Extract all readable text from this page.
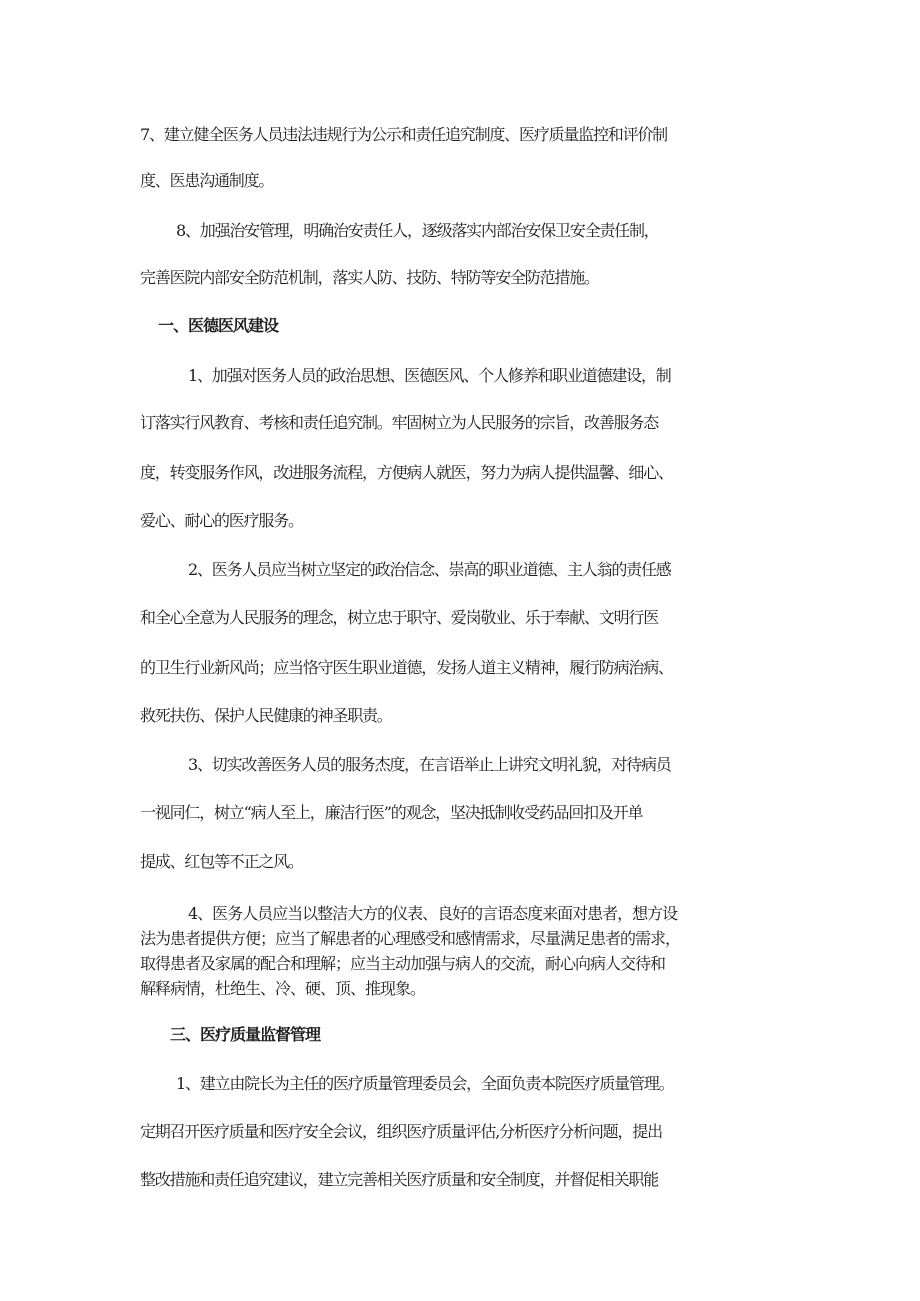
7、建立健全医务人员违法违规行为公示和责任追究制度、医疗质量监控和评价制
度、医患沟通制度。
8、加强治安管理，明确治安责任人，逐级落实内部治安保卫安全责任制，
完善医院内部安全防范机制，落实人防、技防、特防等安全防范措施。
一、医德医风建设
1、加强对医务人员的政治思想、医德医风、个人修养和职业道德建设，制
订落实行风教育、考核和责任追究制。牢固树立为人民服务的宗旨，改善服务态
度，转变服务作风，改进服务流程，方便病人就医，努力为病人提供温馨、细心、
爱心、耐心的医疗服务。
2、医务人员应当树立坚定的政治信念、崇高的职业道德、主人翁的责任感
和全心全意为人民服务的理念，树立忠于职守、爱岗敬业、乐于奉献、文明行医
的卫生行业新风尚；应当恪守医生职业道德，发扬人道主义精神，履行防病治病、
救死扶伤、保护人民健康的神圣职责。
3、切实改善医务人员的服务杰度，在言语举止上讲究文明礼貌，对待病员
一视同仁，树立“病人至上，廉洁行医”的观念，坚决抵制收受药品回扣及开单
提成、红包等不正之风。
4、医务人员应当以整洁大方的仪表、良好的言语态度来面对患者，想方设
法为患者提供方便；应当了解患者的心理感受和感情需求，尽量满足患者的需求，
取得患者及家属的配合和理解；应当主动加强与病人的交流，耐心向病人交待和
解释病情，杜绝生、冷、硬、顶、推现象。
三、医疗质量监督管理
1、建立由院长为主任的医疗质量管理委员会，全面负责本院医疗质量管理。
定期召开医疗质量和医疗安全会议，组织医疗质量评估,分析医疗分析问题，提出
整改措施和责任追究建议，建立完善相关医疗质量和安全制度，并督促相关职能
